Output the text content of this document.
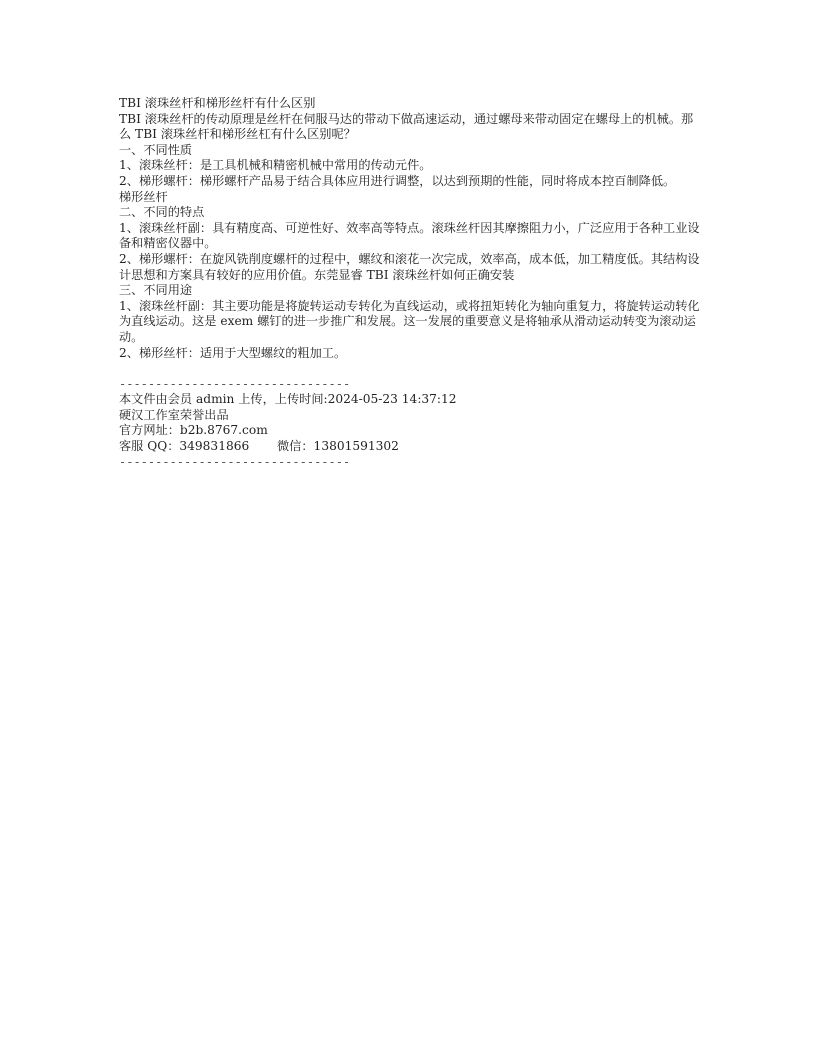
TBI 滚珠丝杆和梯形丝杆有什么区别
TBI 滚珠丝杆的传动原理是丝杆在伺服马达的带动下做高速运动，通过螺母来带动固定在螺母上的机械。那么 TBI 滚珠丝杆和梯形丝杠有什么区别呢？
一、不同性质
1、滚珠丝杆：是工具机械和精密机械中常用的传动元件。
2、梯形螺杆：梯形螺杆产品易于结合具体应用进行调整，以达到预期的性能，同时将成本控百制降低。
梯形丝杆
二、不同的特点
1、滚珠丝杆副：具有精度高、可逆性好、效率高等特点。滚珠丝杆因其摩擦阻力小，广泛应用于各种工业设备和精密仪器中。
2、梯形螺杆：在旋风铣削度螺杆的过程中，螺纹和滚花一次完成，效率高，成本低，加工精度低。其结构设计思想和方案具有较好的应用价值。东莞显睿 TBI 滚珠丝杆如何正确安装
三、不同用途
1、滚珠丝杆副：其主要功能是将旋转运动专转化为直线运动，或将扭矩转化为轴向重复力，将旋转运动转化为直线运动。这是 exem 螺钉的进一步推广和发展。这一发展的重要意义是将轴承从滑动运动转变为滚动运动。
2、梯形丝杆：适用于大型螺纹的粗加工。
--------------------------------
本文件由会员 admin 上传，上传时间:2024-05-23 14:37:12
硬汉工作室荣誉出品
官方网址：b2b.8767.com
客服 QQ：349831866	微信：13801591302
--------------------------------
